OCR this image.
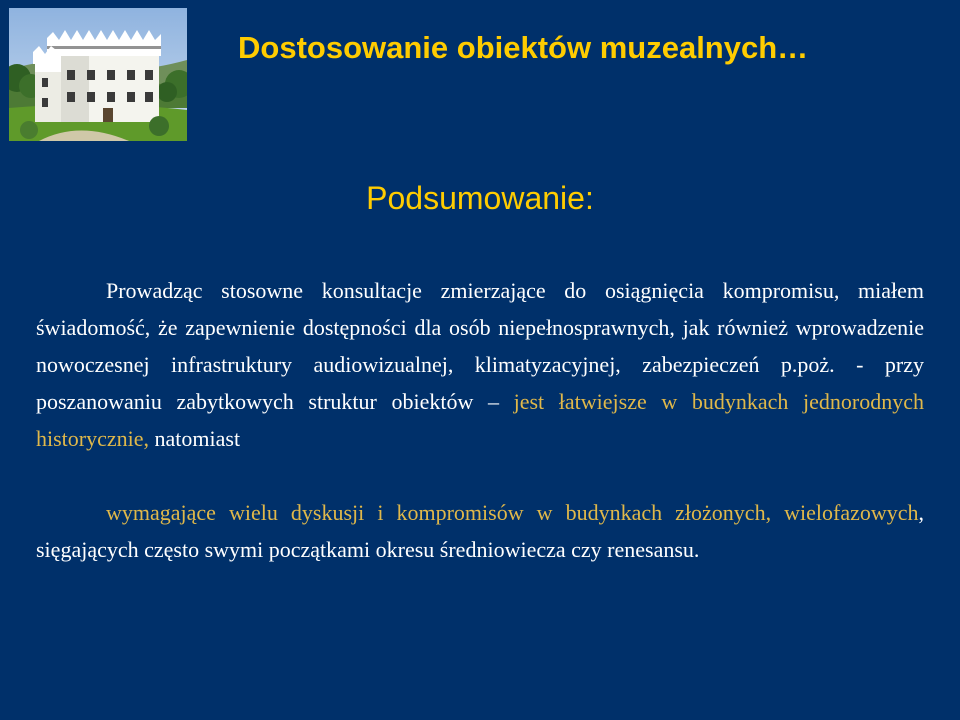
Dostosowanie obiektów muzealnych…
Podsumowanie:
Prowadząc stosowne konsultacje zmierzające do osiągnięcia kompromisu, miałem świadomość, że zapewnienie dostępności dla osób niepełnosprawnych, jak również wprowadzenie nowoczesnej infrastruktury audiowizualnej, klimatyzacyjnej, zabezpieczeń p.poż. - przy poszanowaniu zabytkowych struktur obiektów – jest łatwiejsze w budynkach jednorodnych historycznie, natomiast
wymagające wielu dyskusji i kompromisów w budynkach złożonych, wielofazowych, sięgających często swymi początkami okresu średniowiecza czy renesansu.
